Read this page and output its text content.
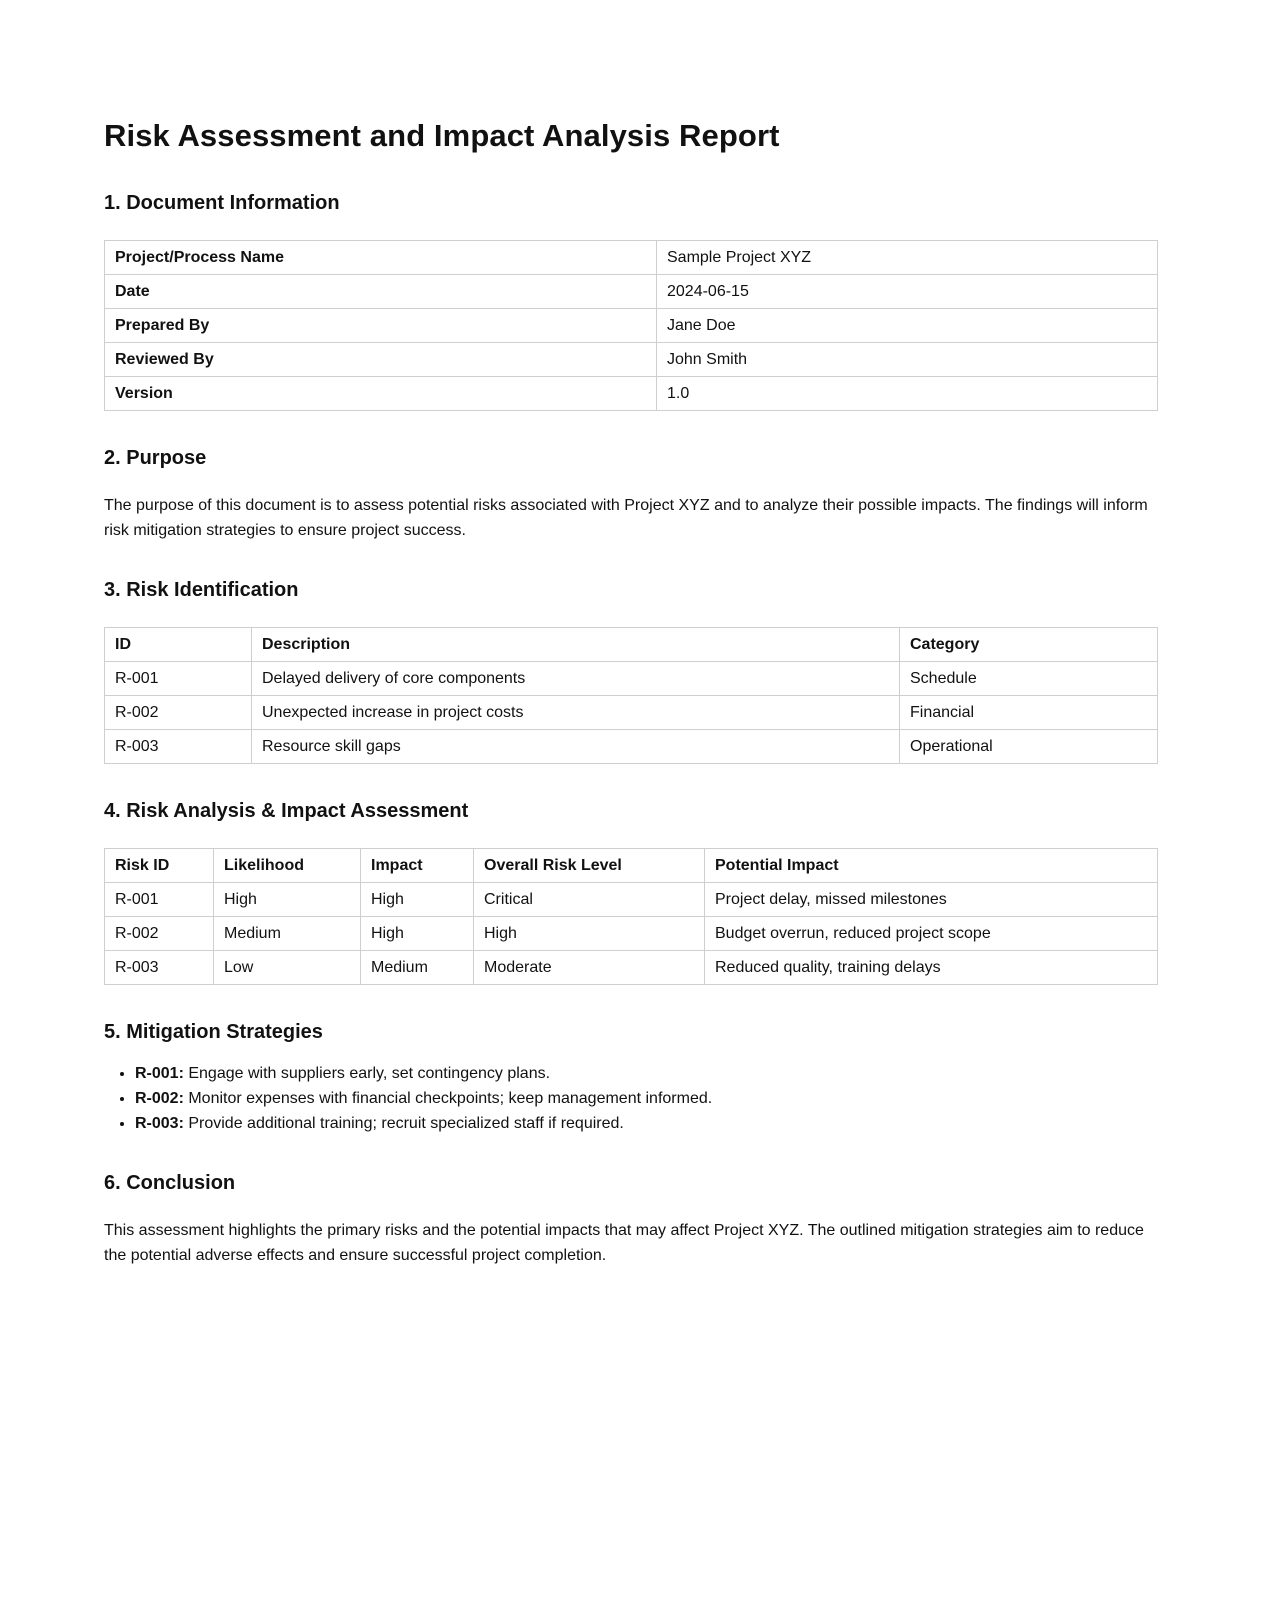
Risk Assessment and Impact Analysis Report
1. Document Information
Project/Process Name	Sample Project XYZ
Date	2024-06-15
Prepared By	Jane Doe
Reviewed By	John Smith
Version	1.0
2. Purpose

The purpose of this document is to assess potential risks associated with Project XYZ and to analyze their possible impacts. The findings will inform risk mitigation strategies to ensure project success.

3. Risk Identification
ID	Description	Category
R-001	Delayed delivery of core components	Schedule
R-002	Unexpected increase in project costs	Financial
R-003	Resource skill gaps	Operational
4. Risk Analysis & Impact Assessment
Risk ID	Likelihood	Impact	Overall Risk Level	Potential Impact
R-001	High	High	Critical	Project delay, missed milestones
R-002	Medium	High	High	Budget overrun, reduced project scope
R-003	Low	Medium	Moderate	Reduced quality, training delays
5. Mitigation Strategies
• R-001: Engage with suppliers early, set contingency plans.
• R-002: Monitor expenses with financial checkpoints; keep management informed.
• R-003: Provide additional training; recruit specialized staff if required.
6. Conclusion

This assessment highlights the primary risks and the potential impacts that may affect Project XYZ. The outlined mitigation strategies aim to reduce the potential adverse effects and ensure successful project completion.
